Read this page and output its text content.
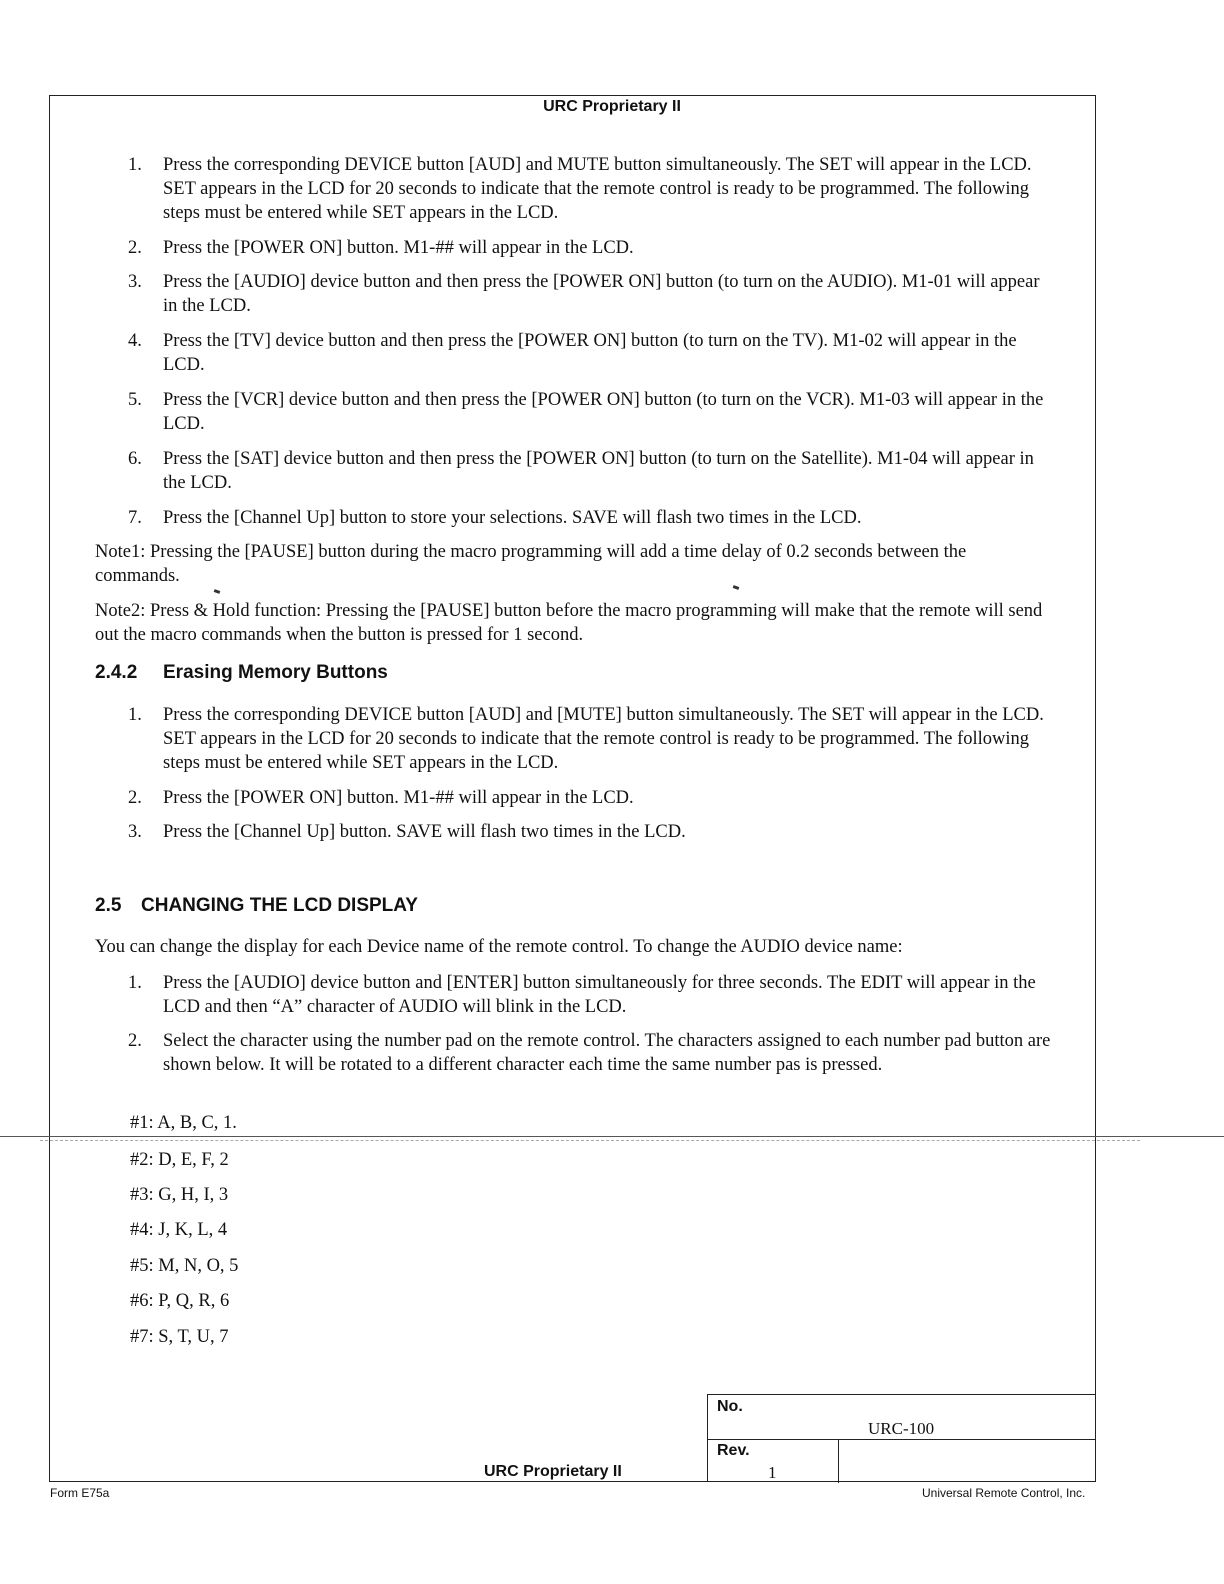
URC Proprietary II
1.	Press the corresponding DEVICE button [AUD] and MUTE button simultaneously. The SET will appear in the LCD. SET appears in the LCD for 20 seconds to indicate that the remote control is ready to be programmed. The following steps must be entered while SET appears in the LCD.
2.	Press the [POWER ON] button. M1-## will appear in the LCD.
3.	Press the [AUDIO] device button and then press the [POWER ON] button (to turn on the AUDIO). M1-01 will appear in the LCD.
4.	Press the [TV] device button and then press the [POWER ON] button (to turn on the TV). M1-02 will appear in the LCD.
5.	Press the [VCR] device button and then press the [POWER ON] button (to turn on the VCR). M1-03 will appear in the LCD.
6.	Press the [SAT] device button and then press the [POWER ON] button (to turn on the Satellite). M1-04 will appear in the LCD.
7.	Press the [Channel Up] button to store your selections. SAVE will flash two times in the LCD.
Note1: Pressing the [PAUSE] button during the macro programming will add a time delay of 0.2 seconds between the commands.
Note2: Press & Hold function: Pressing the [PAUSE] button before the macro programming will make that the remote will send out the macro commands when the button is pressed for 1 second.
2.4.2 Erasing Memory Buttons
1.	Press the corresponding DEVICE button [AUD] and [MUTE] button simultaneously. The SET will appear in the LCD. SET appears in the LCD for 20 seconds to indicate that the remote control is ready to be programmed. The following steps must be entered while SET appears in the LCD.
2.	Press the [POWER ON] button. M1-## will appear in the LCD.
3.	Press the [Channel Up] button. SAVE will flash two times in the LCD.
2.5 CHANGING THE LCD DISPLAY
You can change the display for each Device name of the remote control. To change the AUDIO device name:
1.	Press the [AUDIO] device button and [ENTER] button simultaneously for three seconds. The EDIT will appear in the LCD and then “A” character of AUDIO will blink in the LCD.
2.	Select the character using the number pad on the remote control. The characters assigned to each number pad button are shown below. It will be rotated to a different character each time the same number pas is pressed.
#1: A, B, C, 1.
#2: D, E, F, 2
#3: G, H, I, 3
#4: J, K, L, 4
#5: M, N, O, 5
#6: P, Q, R, 6
#7: S, T, U, 7
No.
URC-100
Rev.
1
URC Proprietary II
Form E75a	Universal Remote Control, Inc.
